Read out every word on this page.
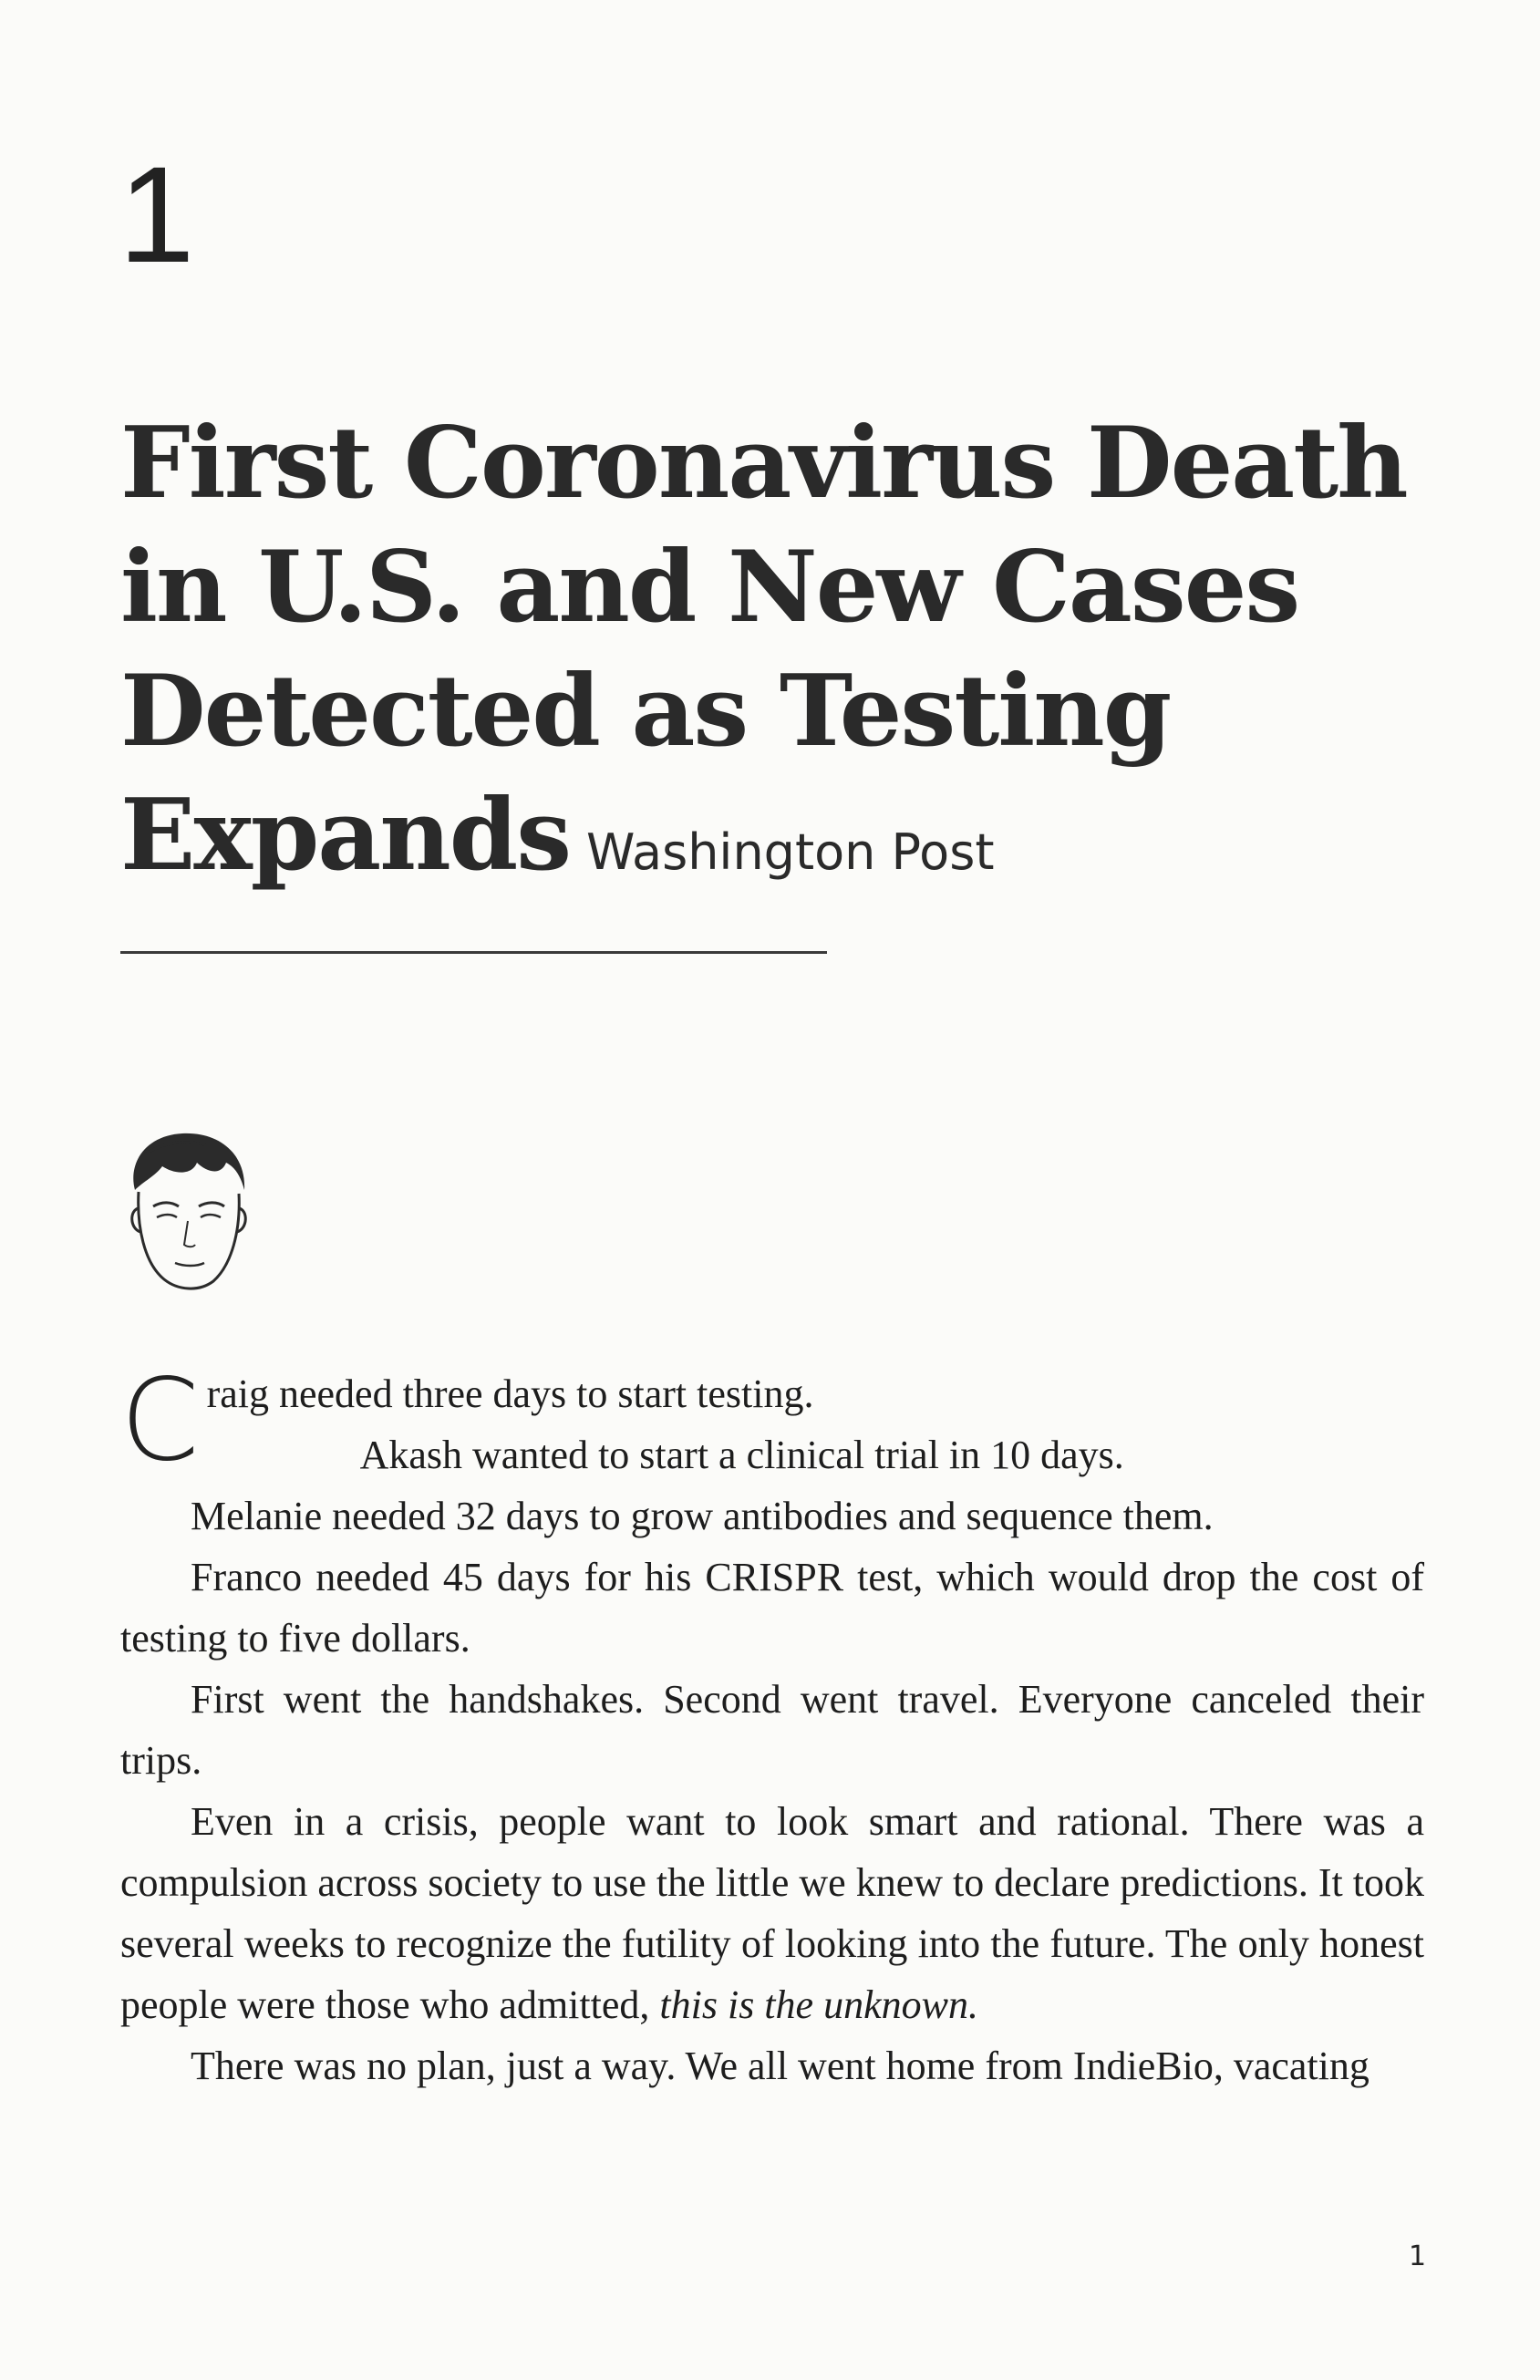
1
First Coronavirus Death
in U.S. and New Cases
Detected as Testing
Expands Washington Post

Craig needed three days to start testing.

Akash wanted to start a clinical trial in 10 days.

Melanie needed 32 days to grow antibodies and sequence them.

Franco needed 45 days for his CRISPR test, which would drop the cost of testing to five dollars.

First went the handshakes. Second went travel. Everyone canceled their trips.

Even in a crisis, people want to look smart and rational. There was a compulsion across society to use the little we knew to declare predictions. It took several weeks to recognize the futility of looking into the future. The only honest people were those who admitted, this is the unknown.

There was no plan, just a way. We all went home from IndieBio, vacating

1
